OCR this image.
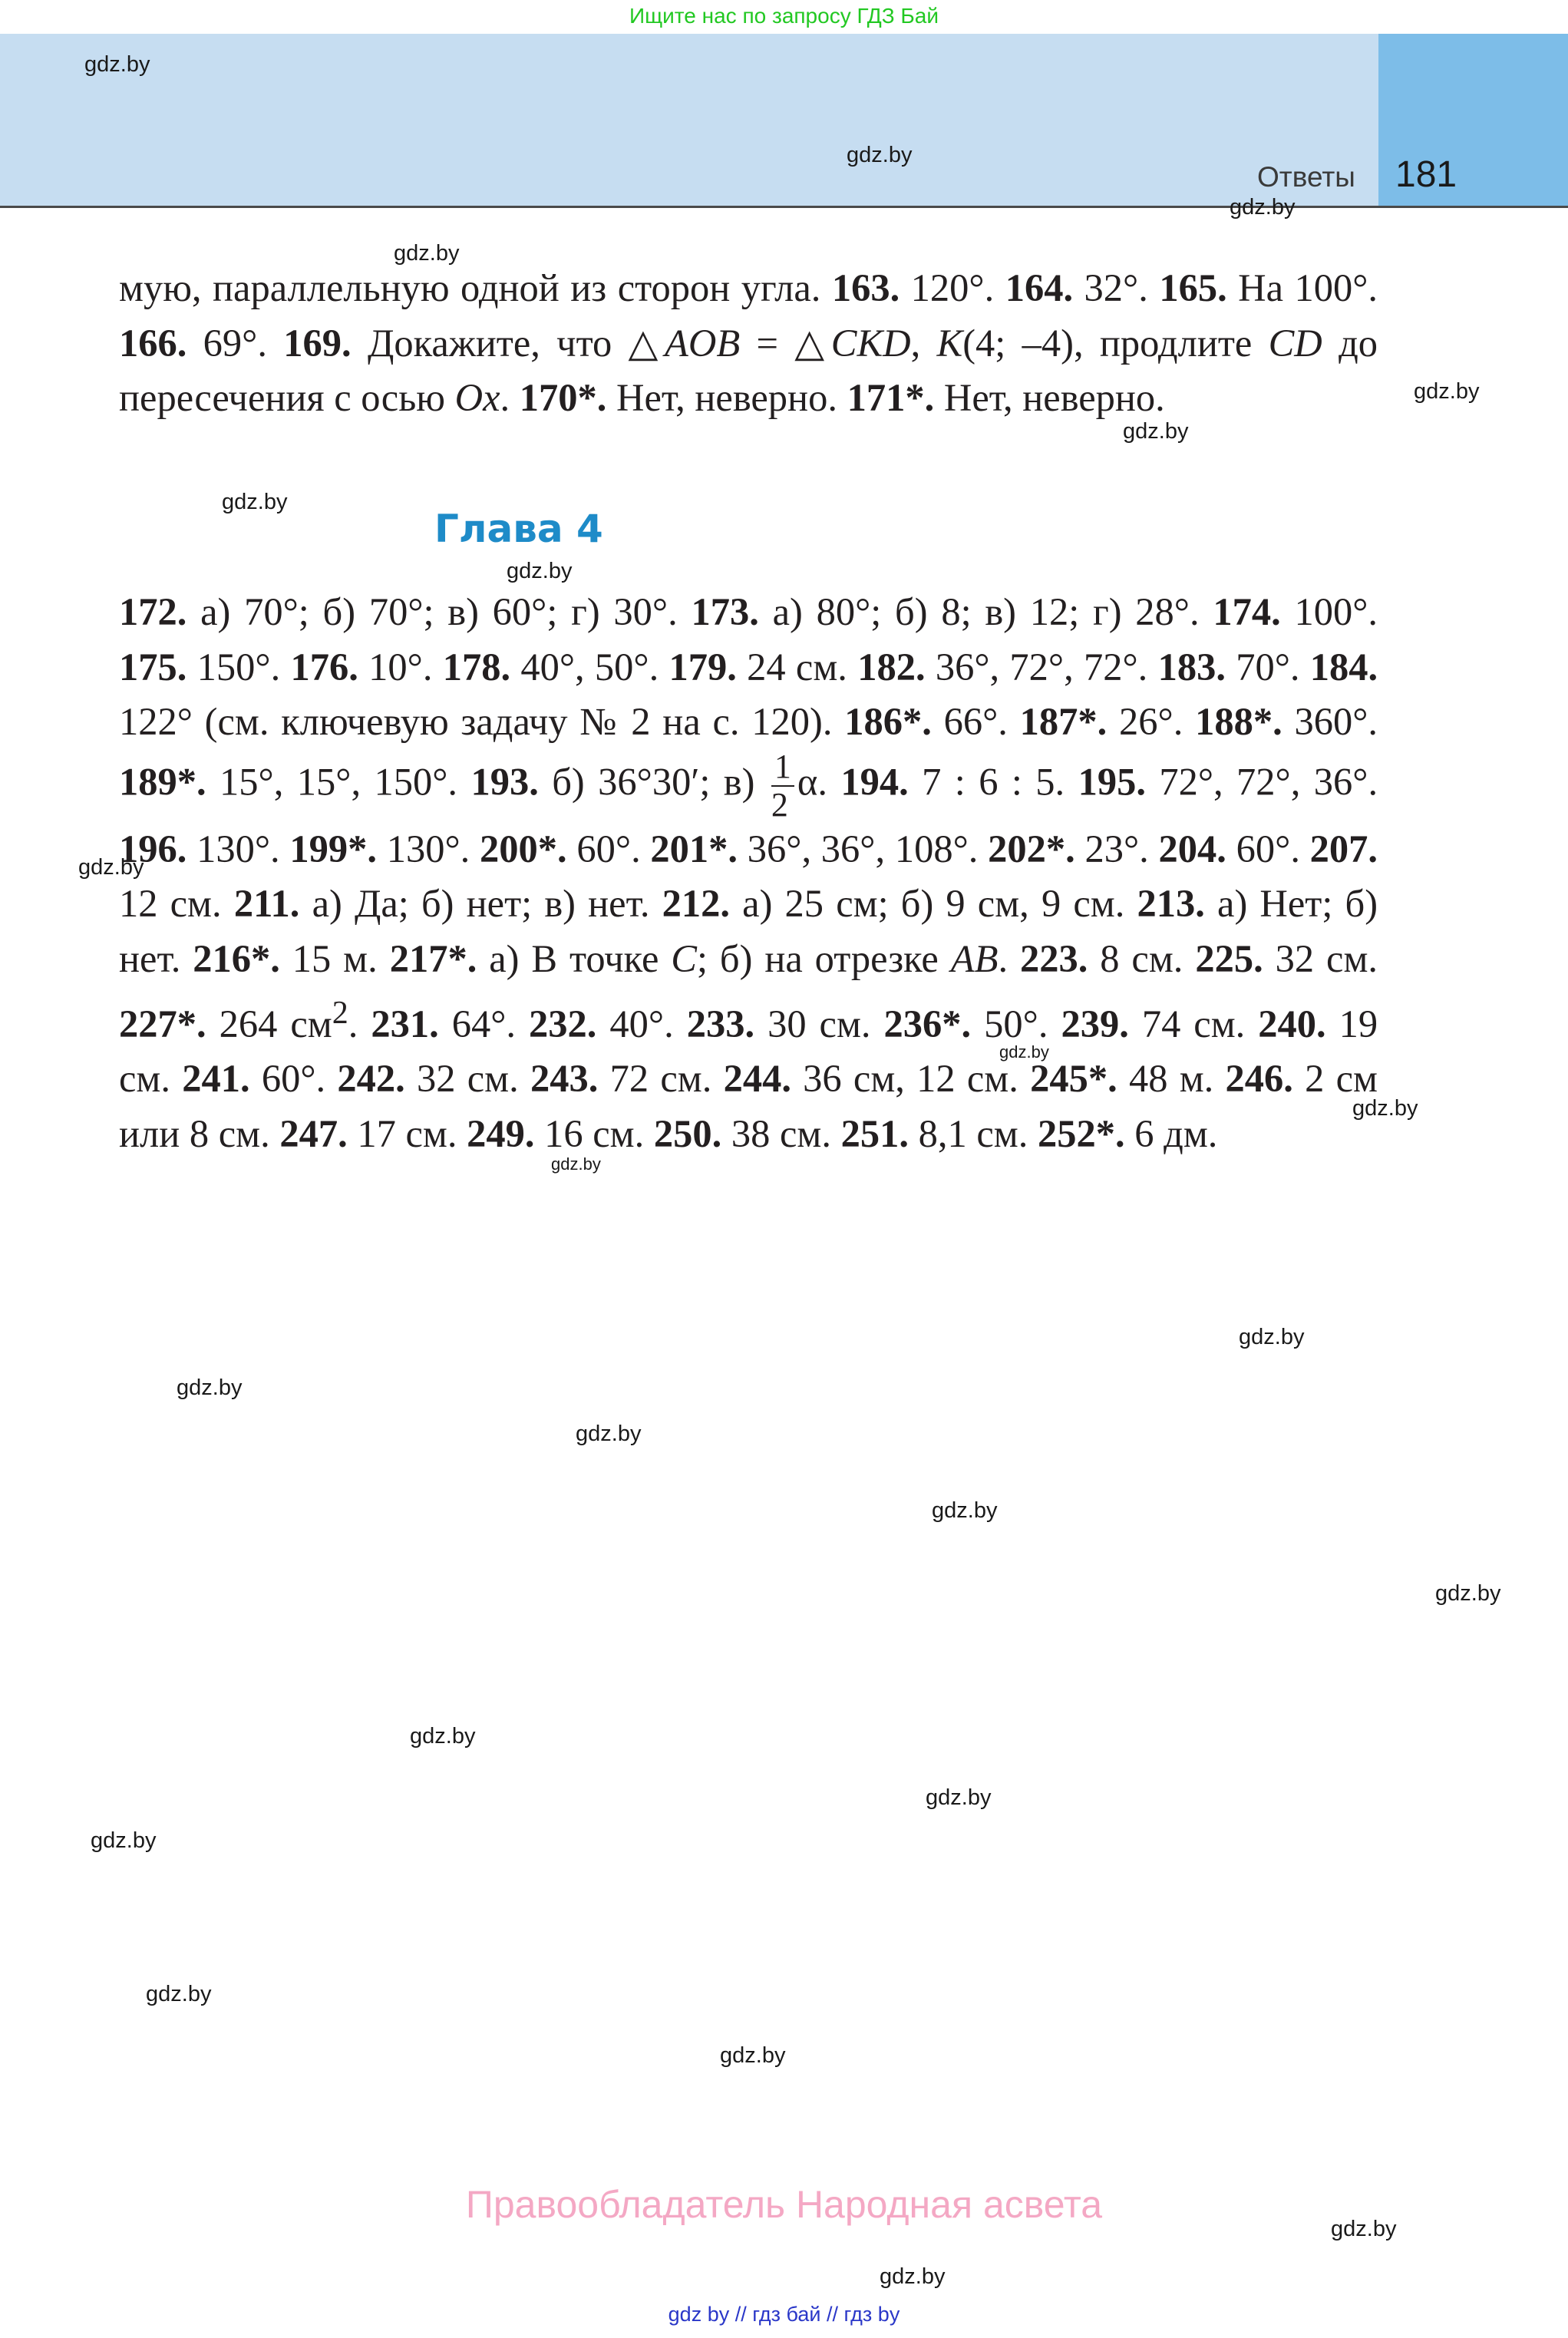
Ищите нас по запросу ГДЗ Бай
Ответы 181

мую, параллельную одной из сторон угла. 163. 120°. 164. 32°. 165. На 100°. 166. 69°. 169. Докажите, что △AOB = △CKD, K(4; –4), продлите CD до пересечения с осью Ox. 170*. Нет, неверно. 171*. Нет, неверно.

Глава 4

172. а) 70°; б) 70°; в) 60°; г) 30°. 173. а) 80°; б) 8; в) 12; г) 28°. 174. 100°. 175. 150°. 176. 10°. 178. 40°, 50°. 179. 24 см. 182. 36°, 72°, 72°. 183. 70°. 184. 122° (см. ключевую задачу № 2 на с. 120). 186*. 66°. 187*. 26°. 188*. 360°. 189*. 15°, 15°, 150°. 193. б) 36°30′; $в) \frac{1}{2} \alpha$. 194. 7 : 6 : 5. 195. 72°, 72°, 36°. 196. 130°. 199*. 130°. 200*. 60°. 201*. 36°, 36°, 108°. 202*. 23°. 204. 60°. 207. 12 см. 211. а) Да; б) нет; в) нет. 212. а) 25 см; б) 9 см, 9 см. 213. а) Нет; б) нет. 216*. 15 м. 217*. а) В точке C; б) на отрезке AB. 223. 8 см. 225. 32 см. 227*. 264 $см^2$. 231. 64°. 232. 40°. 233. 30 см. 236*. 50°. 239. 74 см. 240. 19 см. 241. 60°. 242. 32 см. 243. 72 см. 244. 36 см, 12 см. 245*. 48 м. 246. 2 см или 8 см. 247. 17 см. 249. 16 см. 250. 38 см. 251. 8,1 см. 252*. 6 дм.

gdz.by
gdz.by
gdz.by
gdz.by
gdz.by
gdz.by
gdz.by
gdz.by
gdz.by
gdz.by
gdz.by
gdz.by
gdz.by
gdz.by
gdz.by
gdz.by
gdz.by
gdz.by
gdz.by
gdz.by
gdz.by
gdz.by
gdz.by
gdz.by
Правообладатель Народная асвета
gdz by // гдз бай // гдз by
